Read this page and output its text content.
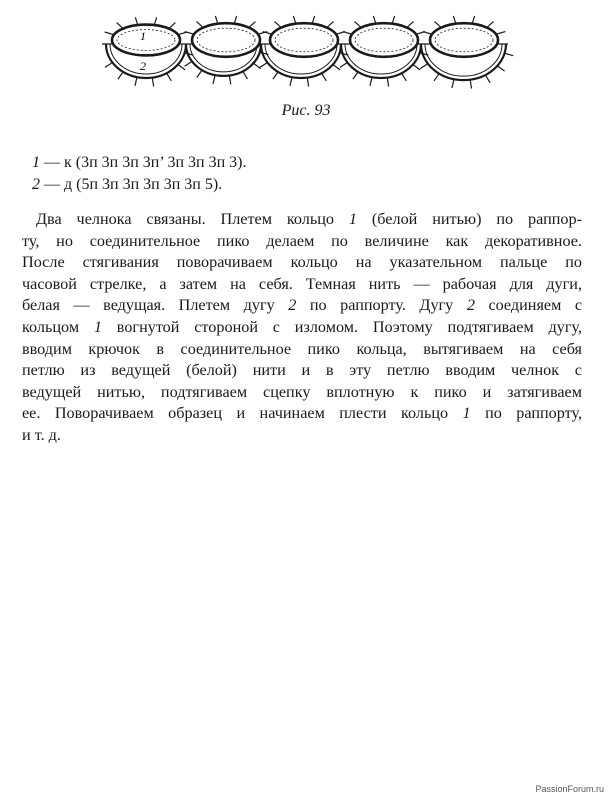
1
2
Рис. 93
1 — к (3п 3п 3п 3п’ 3п 3п 3п 3).
2 — д (5п 3п 3п 3п 3п 3п 5).
Два челнока связаны. Плетем кольцо 1 (белой нитью) по раппор-
ту, но соединительное пико делаем по величине как декоративное.
После стягивания поворачиваем кольцо на указательном пальце по
часовой стрелке, а затем на себя. Темная нить — рабочая для дуги,
белая — ведущая. Плетем дугу 2 по раппорту. Дугу 2 соединяем с
кольцом 1 вогнутой стороной с изломом. Поэтому подтягиваем дугу,
вводим крючок в соединительное пико кольца, вытягиваем на себя
петлю из ведущей (белой) нити и в эту петлю вводим челнок с
ведущей нитью, подтягиваем сцепку вплотную к пико и затягиваем
ее. Поворачиваем образец и начинаем плести кольцо 1 по раппорту,
и т. д.
PassionForum.ru
